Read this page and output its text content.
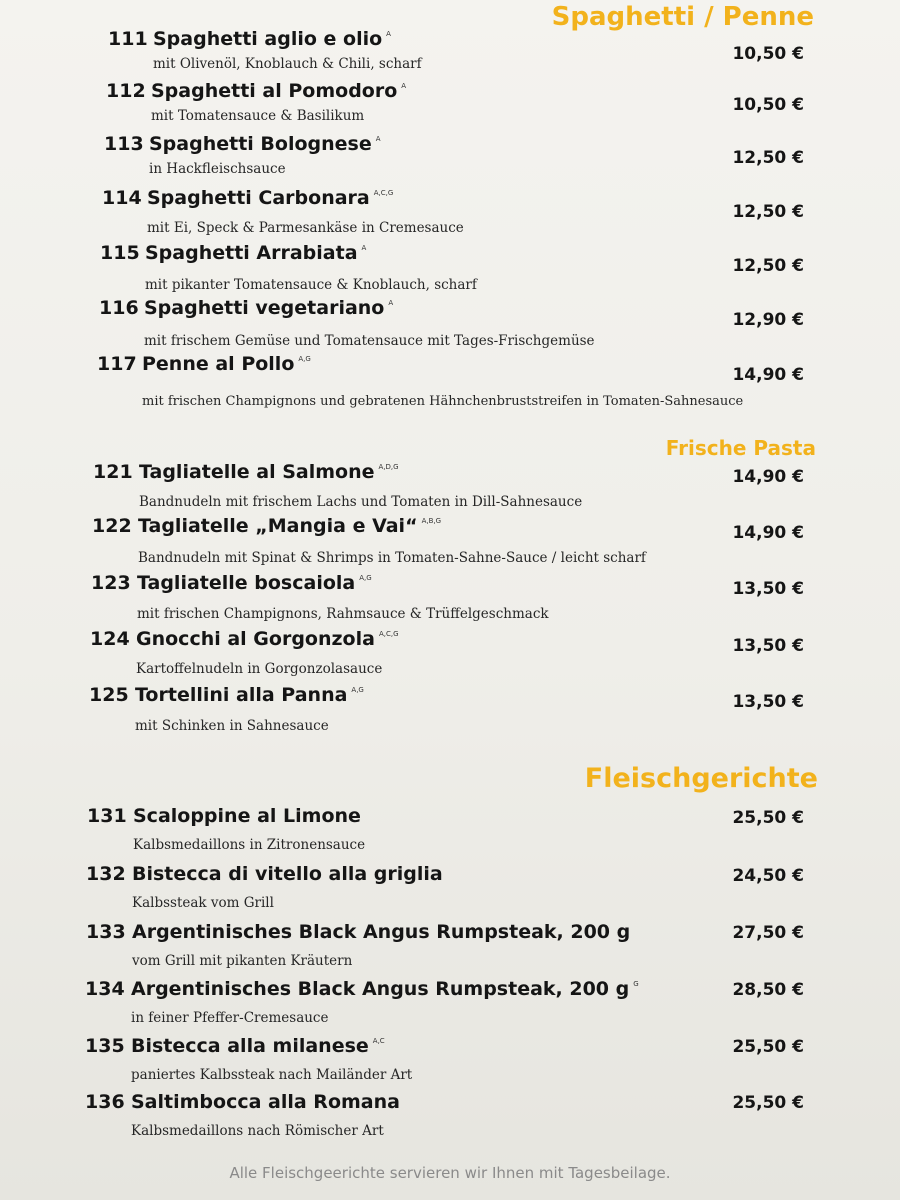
Spaghetti / Penne
111 Spaghetti aglio e olio $^A$
mit Olivenöl, Knoblauch & Chili, scharf	10,50 €
112 Spaghetti al Pomodoro $^A$
mit Tomatensauce & Basilikum
10,50 €
113 Spaghetti Bolognese $^A$
in Hackfleischsauce
12,50 €
114 Spaghetti Carbonara $^{A,C,G}$
mit Ei, Speck & Parmesankäse in Cremesauce
12,50 €
115 Spaghetti Arrabiata $^A$
mit pikanter Tomatensauce & Knoblauch, scharf
12,50 €
116 Spaghetti vegetariano $^A$
mit frischem Gemüse und Tomatensauce mit Tages-Frischgemüse
12,90 €
117 Penne al Pollo $^{A,G}$
mit frischen Champignons und gebratenen Hähnchenbruststreifen in Tomaten-Sahnesauce
14,90 €
Frische Pasta
121 Tagliatelle al Salmone $^{A,D,G}$
Bandnudeln mit frischem Lachs und Tomaten in Dill-Sahnesauce
14,90 €
122 Tagliatelle „Mangia e Vai“ $^{A,B,G}$
Bandnudeln mit Spinat & Shrimps in Tomaten-Sahne-Sauce / leicht scharf
14,90 €
123 Tagliatelle boscaiola $^{A,G}$
mit frischen Champignons, Rahmsauce & Trüffelgeschmack
13,50 €
124 Gnocchi al Gorgonzola $^{A,C,G}$
Kartoffelnudeln in Gorgonzolasauce
13,50 €
125 Tortellini alla Panna $^{A,G}$
mit Schinken in Sahnesauce
13,50 €
Fleischgerichte
131 Scaloppine al Limone
Kalbsmedaillons in Zitronensauce
25,50 €
132 Bistecca di vitello alla griglia
Kalbssteak vom Grill
24,50 €
133 Argentinisches Black Angus Rumpsteak, 200 g
vom Grill mit pikanten Kräutern
27,50 €
134 Argentinisches Black Angus Rumpsteak, 200 g $^G$
in feiner Pfeffer-Cremesauce
28,50 €
135 Bistecca alla milanese $^{A,C}$
paniertes Kalbssteak nach Mailänder Art
25,50 €
136 Saltimbocca alla Romana
Kalbsmedaillons nach Römischer Art
25,50 €
Alle Fleischgeerichte servieren wir Ihnen mit Tagesbeilage.
